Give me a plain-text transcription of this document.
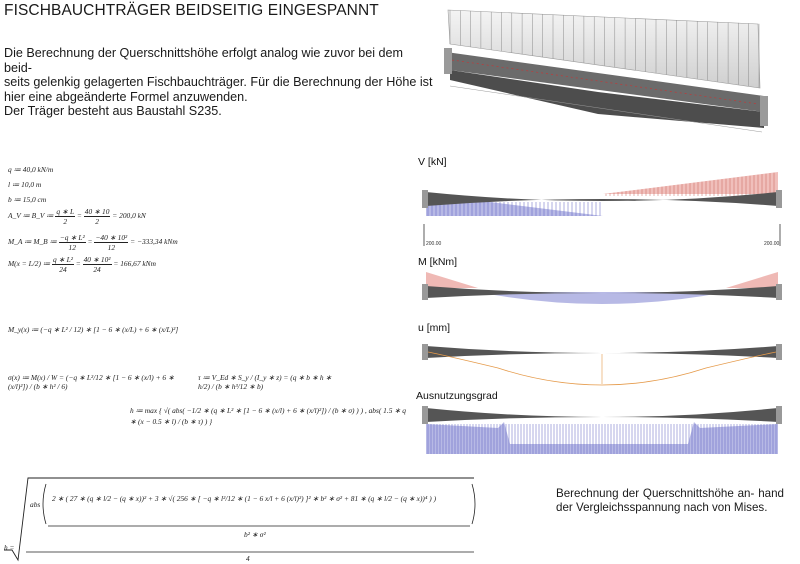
FISCHBAUCHTRÄGER BEIDSEITIG EINGESPANNT

Die Berechnung der Querschnittshöhe erfolgt analog wie zuvor bei dem beid-

seits gelenkig gelagerten Fischbauchträger. Für die Berechnung der Höhe ist

hier eine abgeänderte Formel anzuwenden.

Der Träger besteht aus Baustahl S235.

q ≔ 40,0 kN/m
l ≔ 10,0 m
b ≔ 15,0 cm
A_V ≔ B_V ≔ $\frac{q ∗ L}{2} = \frac{40 ∗ 10}{2} = 200,0$ kN
M_A ≔ M_B ≔ $\frac{\text{−q ∗ L²}}{12} = \frac{\text{−40 ∗ 10²}}{12} = -333,34$ kNm
M(x = L/2) ≔ $\frac{\text{q ∗ L²}}{24} = \frac{\text{40 ∗ 10²}}{24} = 166,67$ kNm
M_y(x) ≔ (−q ∗ L² / 12) ∗ [1 − 6 ∗ (x/L) + 6 ∗ (x/L)²]
σ(x) ≔ M(x) / W = (−q ∗ L²/12 ∗ [1 − 6 ∗ (x/l) + 6 ∗ (x/l)²]) / (b ∗ h² / 6)
τ ≔ V_Ed ∗ S_y / (I_y ∗ z) = (q ∗ b ∗ h ∗ h/2) / (b ∗ h³/12 ∗ b)
h ≔ max { √( abs( −1/2 ∗ (q ∗ L² ∗ [1 − 6 ∗ (x/l) + 6 ∗ (x/l)²]) / (b ∗ σ) ) ) , abs( 1.5 ∗ q ∗ (x − 0.5 ∗ l) / (b ∗ τ) ) }
h =
abs
2 ∗ ( 27 ∗ (q ∗ l/2 − (q ∗ x))² + 3 ∗ √( 256 ∗ [ −q ∗ l²/12 ∗ (1 − 6 x/l + 6 (x/l)²) ]² ∗ b² ∗ σ² + 81 ∗ (q ∗ l/2 − (q ∗ x))⁴ ) )
b² ∗ σ²
4
Berechnung der Querschnittshöhe an- hand der Vergleichsspannung nach von Mises.
V [kN]
M [kNm]
u [mm]
Ausnutzungsgrad
200.00	200.00
